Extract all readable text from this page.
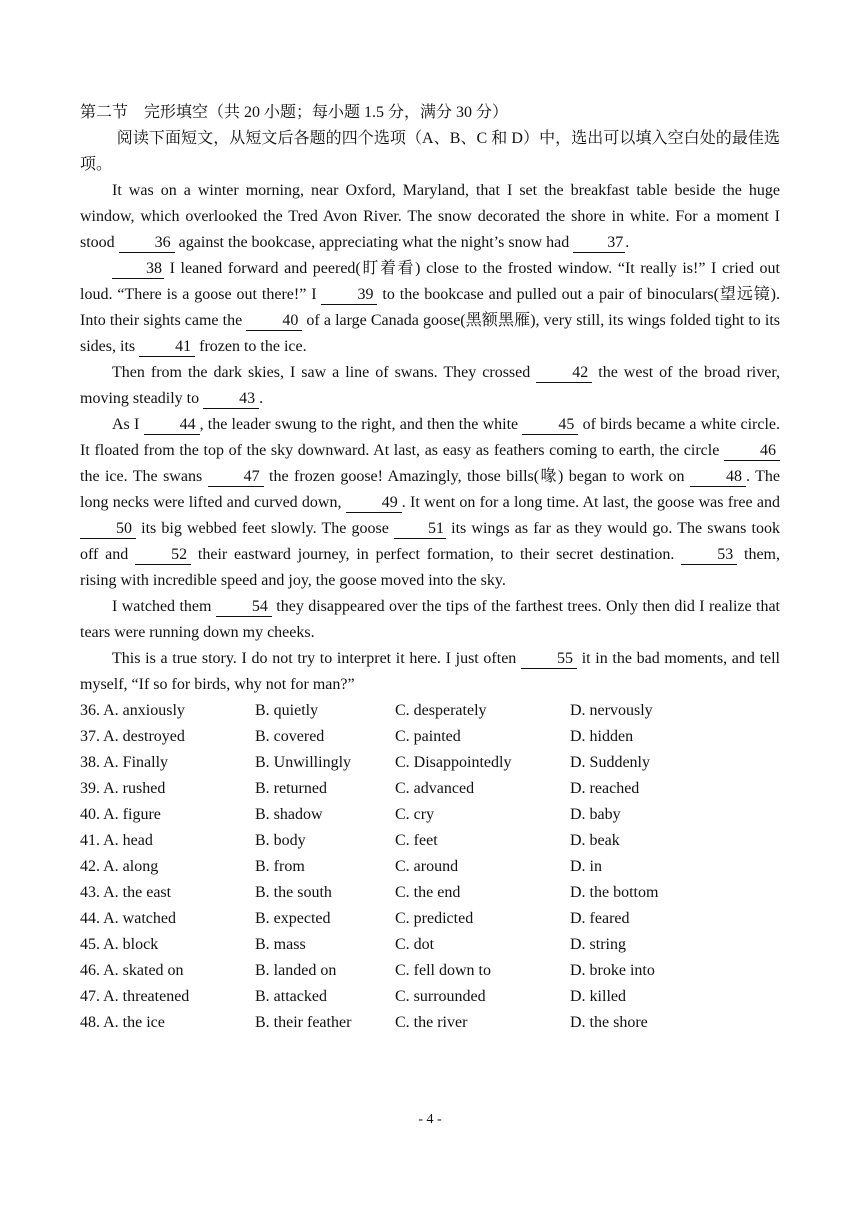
第二节　完形填空（共 20 小题；每小题 1.5 分，满分 30 分）

阅读下面短文，从短文后各题的四个选项（A、B、C 和 D）中，选出可以填入空白处的最佳选项。

It was on a winter morning, near Oxford, Maryland, that I set the breakfast table beside the huge window, which overlooked the Tred Avon River. The snow decorated the shore in white. For a moment I stood 36 against the bookcase, appreciating what the night’s snow had 37 .

38 I leaned forward and peered(盯着看) close to the frosted window. “It really is!” I cried out loud. “There is a goose out there!” I 39 to the bookcase and pulled out a pair of binoculars(望远镜). Into their sights came the 40 of a large Canada goose(黑额黑雁), very still, its wings folded tight to its sides, its 41 frozen to the ice.

Then from the dark skies, I saw a line of swans. They crossed 42 the west of the broad river, moving steadily to 43 .

As I 44 , the leader swung to the right, and then the white 45 of birds became a white circle. It floated from the top of the sky downward. At last, as easy as feathers coming to earth, the circle 46 the ice. The swans 47 the frozen goose! Amazingly, those bills(喙) began to work on 48 . The long necks were lifted and curved down, 49 . It went on for a long time. At last, the goose was free and 50 its big webbed feet slowly. The goose 51 its wings as far as they would go. The swans took off and 52 their eastward journey, in perfect formation, to their secret destination. 53 them, rising with incredible speed and joy, the goose moved into the sky.

I watched them 54 they disappeared over the tips of the farthest trees. Only then did I realize that tears were running down my cheeks.

This is a true story. I do not try to interpret it here. I just often 55 it in the bad moments, and tell myself, “If so for birds, why not for man?”

36. A. anxiously	B. quietly	C. desperately	D. nervously
37. A. destroyed	B. covered	C. painted	D. hidden
38. A. Finally	B. Unwillingly	C. Disappointedly	D. Suddenly
39. A. rushed	B. returned	C. advanced	D. reached
40. A. figure	B. shadow	C. cry	D. baby
41. A. head	B. body	C. feet	D. beak
42. A. along	B. from	C. around	D. in
43. A. the east	B. the south	C. the end	D. the bottom
44. A. watched	B. expected	C. predicted	D. feared
45. A. block	B. mass	C. dot	D. string
46. A. skated on	B. landed on	C. fell down to	D. broke into
47. A. threatened	B. attacked	C. surrounded	D. killed
48. A. the ice	B. their feather	C. the river	D. the shore
- 4 -
